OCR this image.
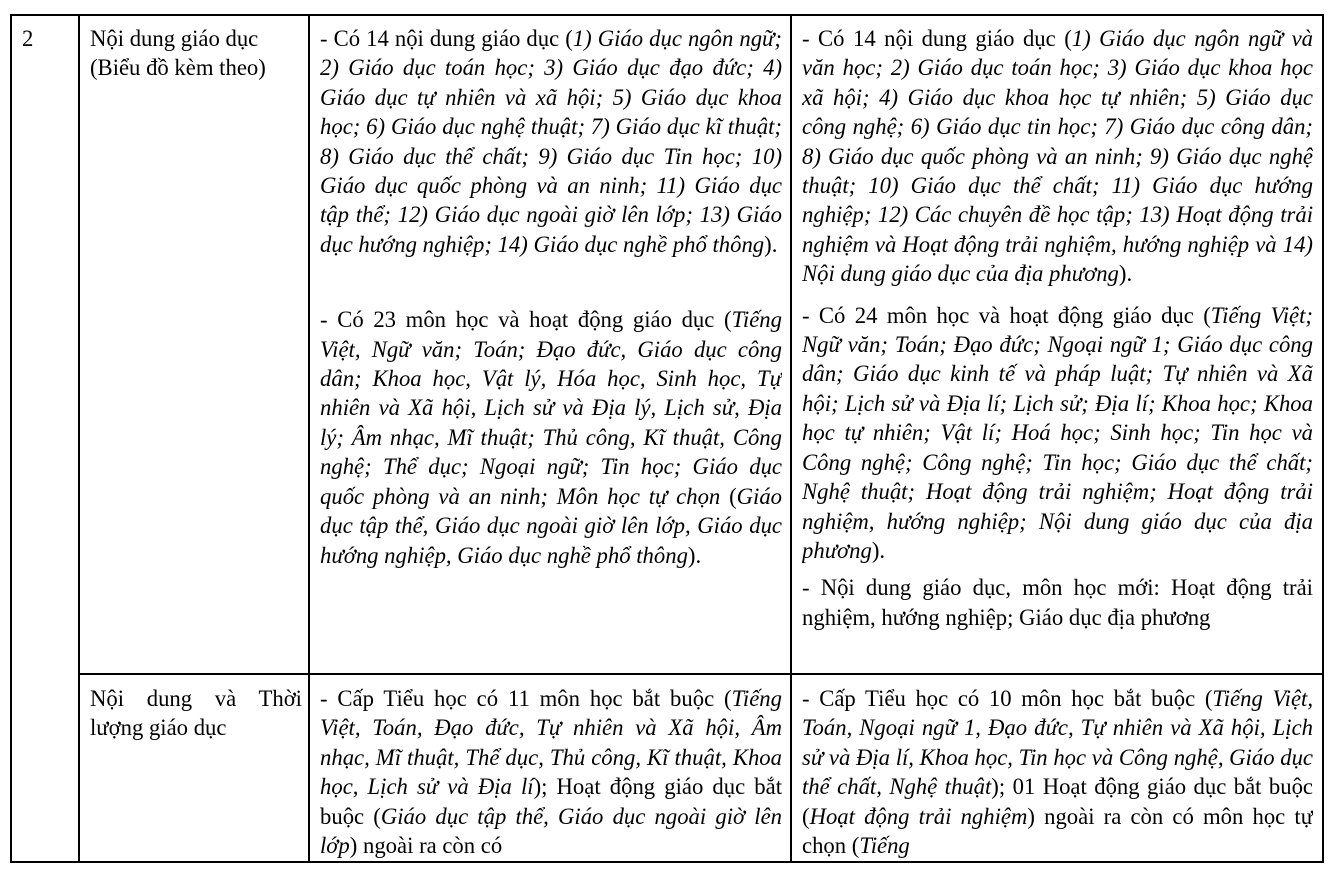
2	Nội dung giáo dục

(Biểu đồ kèm theo)

- Có 14 nội dung giáo dục (1) Giáo dục ngôn ngữ; 2) Giáo dục toán học; 3) Giáo dục đạo đức; 4) Giáo dục tự nhiên và xã hội; 5) Giáo dục khoa học; 6) Giáo dục nghệ thuật; 7) Giáo dục kĩ thuật; 8) Giáo dục thể chất; 9) Giáo dục Tin học; 10) Giáo dục quốc phòng và an ninh; 11) Giáo dục tập thể; 12) Giáo dục ngoài giờ lên lớp; 13) Giáo dục hướng nghiệp; 14) Giáo dục nghề phổ thông).

- Có 23 môn học và hoạt động giáo dục (Tiếng Việt, Ngữ văn; Toán; Đạo đức, Giáo dục công dân; Khoa học, Vật lý, Hóa học, Sinh học, Tự nhiên và Xã hội, Lịch sử và Địa lý, Lịch sử, Địa lý; Âm nhạc, Mĩ thuật; Thủ công, Kĩ thuật, Công nghệ; Thể dục; Ngoại ngữ; Tin học; Giáo dục quốc phòng và an ninh; Môn học tự chọn (Giáo dục tập thể, Giáo dục ngoài giờ lên lớp, Giáo dục hướng nghiệp, Giáo dục nghề phổ thông).

- Có 14 nội dung giáo dục (1) Giáo dục ngôn ngữ và văn học; 2) Giáo dục toán học; 3) Giáo dục khoa học xã hội; 4) Giáo dục khoa học tự nhiên; 5) Giáo dục công nghệ; 6) Giáo dục tin học; 7) Giáo dục công dân; 8) Giáo dục quốc phòng và an ninh; 9) Giáo dục nghệ thuật; 10) Giáo dục thể chất; 11) Giáo dục hướng nghiệp; 12) Các chuyên đề học tập; 13) Hoạt động trải nghiệm và Hoạt động trải nghiệm, hướng nghiệp và 14) Nội dung giáo dục của địa phương).

- Có 24 môn học và hoạt động giáo dục (Tiếng Việt; Ngữ văn; Toán; Đạo đức; Ngoại ngữ 1; Giáo dục công dân; Giáo dục kinh tế và pháp luật; Tự nhiên và Xã hội; Lịch sử và Địa lí; Lịch sử; Địa lí; Khoa học; Khoa học tự nhiên; Vật lí; Hoá học; Sinh học; Tin học và Công nghệ; Công nghệ; Tin học; Giáo dục thể chất; Nghệ thuật; Hoạt động trải nghiệm; Hoạt động trải nghiệm, hướng nghiệp; Nội dung giáo dục của địa phương).

- Nội dung giáo dục, môn học mới: Hoạt động trải nghiệm, hướng nghiệp; Giáo dục địa phương

Nội dung và Thời lượng giáo dục

- Cấp Tiểu học có 11 môn học bắt buộc (Tiếng Việt, Toán, Đạo đức, Tự nhiên và Xã hội, Âm nhạc, Mĩ thuật, Thể dục, Thủ công, Kĩ thuật, Khoa học, Lịch sử và Địa lí); Hoạt động giáo dục bắt buộc (Giáo dục tập thể, Giáo dục ngoài giờ lên lớp) ngoài ra còn có

- Cấp Tiểu học có 10 môn học bắt buộc (Tiếng Việt, Toán, Ngoại ngữ 1, Đạo đức, Tự nhiên và Xã hội, Lịch sử và Địa lí, Khoa học, Tin học và Công nghệ, Giáo dục thể chất, Nghệ thuật); 01 Hoạt động giáo dục bắt buộc (Hoạt động trải nghiệm) ngoài ra còn có môn học tự chọn (Tiếng
